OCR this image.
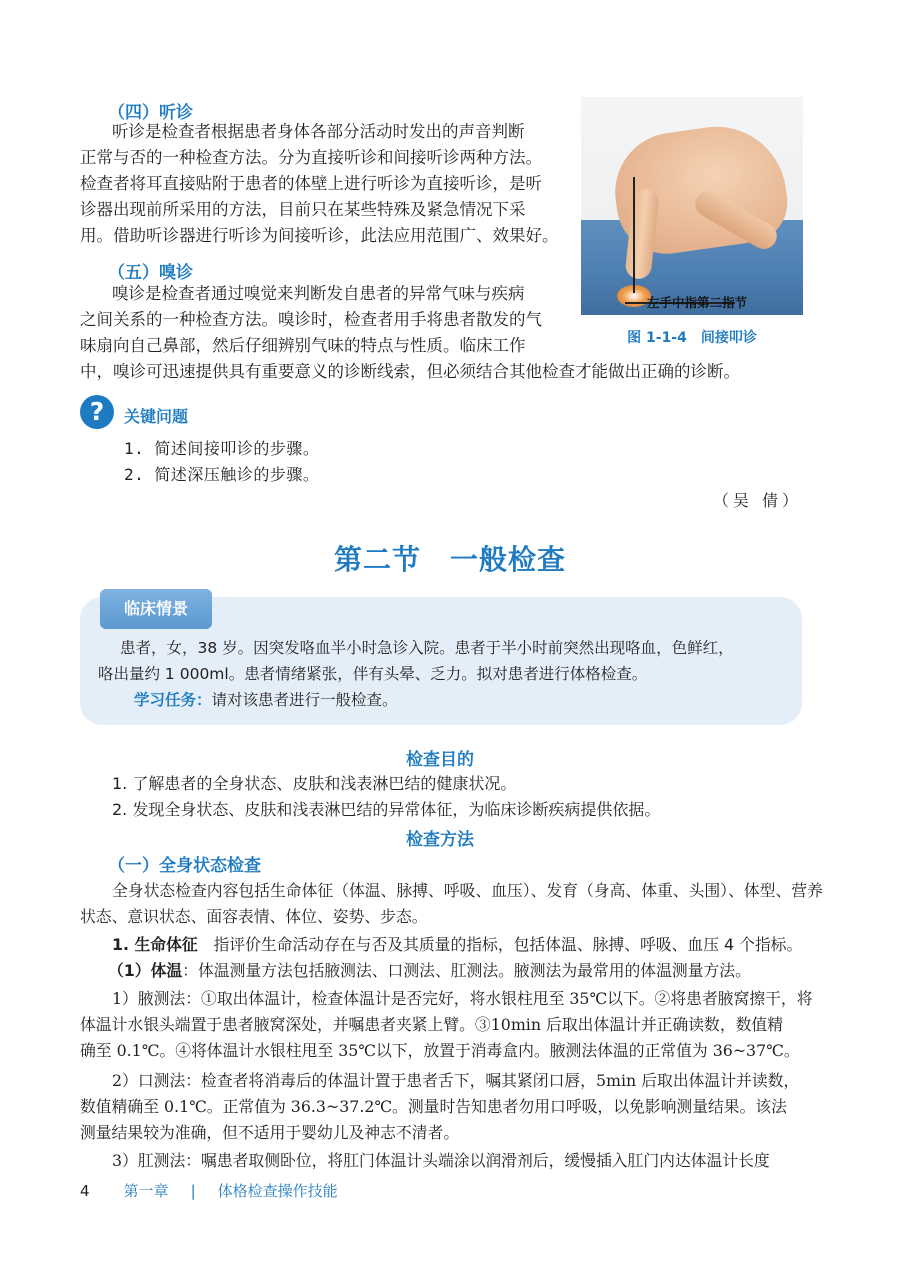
（四）听诊
听诊是检查者根据患者身体各部分活动时发出的声音判断
正常与否的一种检查方法。分为直接听诊和间接听诊两种方法。
检查者将耳直接贴附于患者的体壁上进行听诊为直接听诊，是听
诊器出现前所采用的方法，目前只在某些特殊及紧急情况下采
用。借助听诊器进行听诊为间接听诊，此法应用范围广、效果好。
（五）嗅诊
嗅诊是检查者通过嗅觉来判断发自患者的异常气味与疾病
之间关系的一种检查方法。嗅诊时，检查者用手将患者散发的气
味扇向自己鼻部，然后仔细辨别气味的特点与性质。临床工作
中，嗅诊可迅速提供具有重要意义的诊断线索，但必须结合其他检查才能做出正确的诊断。
左手中指第二指节
图 1-1-4　间接叩诊
?	关键问题
1. 简述间接叩诊的步骤。
2. 简述深压触诊的步骤。
（吴 倩）
第二节　一般检查
临床情景
患者，女，38 岁。因突发咯血半小时急诊入院。患者于半小时前突然出现咯血，色鲜红，
咯出量约 1 000ml。患者情绪紧张，伴有头晕、乏力。拟对患者进行体格检查。
学习任务：请对该患者进行一般检查。
检查目的
1. 了解患者的全身状态、皮肤和浅表淋巴结的健康状况。
2. 发现全身状态、皮肤和浅表淋巴结的异常体征，为临床诊断疾病提供依据。
检查方法
（一）全身状态检查
全身状态检查内容包括生命体征（体温、脉搏、呼吸、血压）、发育（身高、体重、头围）、体型、营养
状态、意识状态、面容表情、体位、姿势、步态。
1. 生命体征　指评价生命活动存在与否及其质量的指标，包括体温、脉搏、呼吸、血压 4 个指标。
（1）体温：体温测量方法包括腋测法、口测法、肛测法。腋测法为最常用的体温测量方法。
1）腋测法：①取出体温计，检查体温计是否完好，将水银柱甩至 35℃以下。②将患者腋窝擦干，将
体温计水银头端置于患者腋窝深处，并嘱患者夹紧上臂。③10min 后取出体温计并正确读数，数值精
确至 0.1℃。④将体温计水银柱甩至 35℃以下，放置于消毒盒内。腋测法体温的正常值为 36~37℃。
2）口测法：检查者将消毒后的体温计置于患者舌下，嘱其紧闭口唇，5min 后取出体温计并读数，
数值精确至 0.1℃。正常值为 36.3~37.2℃。测量时告知患者勿用口呼吸，以免影响测量结果。该法
测量结果较为准确，但不适用于婴幼儿及神志不清者。
3）肛测法：嘱患者取侧卧位，将肛门体温计头端涂以润滑剂后，缓慢插入肛门内达体温计长度
4 第一章 | 体格检查操作技能
